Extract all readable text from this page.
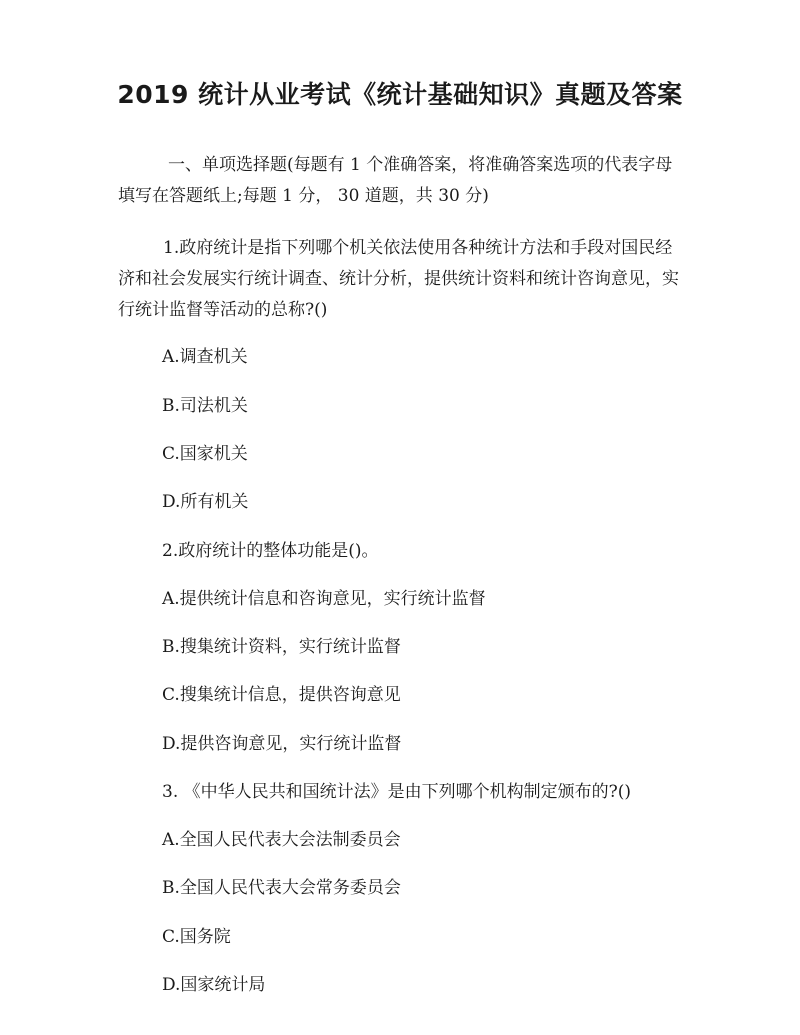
2019 统计从业考试《统计基础知识》真题及答案

一、单项选择题(每题有 1 个准确答案，将准确答案选项的代表字母填写在答题纸上;每题 1 分， 30 道题，共 30 分)

1.政府统计是指下列哪个机关依法使用各种统计方法和手段对国民经济和社会发展实行统计调查、统计分析，提供统计资料和统计咨询意见，实行统计监督等活动的总称?()

A.调查机关

B.司法机关

C.国家机关

D.所有机关

2.政府统计的整体功能是()。

A.提供统计信息和咨询意见，实行统计监督

B.搜集统计资料，实行统计监督

C.搜集统计信息，提供咨询意见

D.提供咨询意见，实行统计监督

3. 《中华人民共和国统计法》是由下列哪个机构制定颁布的?()

A.全国人民代表大会法制委员会

B.全国人民代表大会常务委员会

C.国务院

D.国家统计局
